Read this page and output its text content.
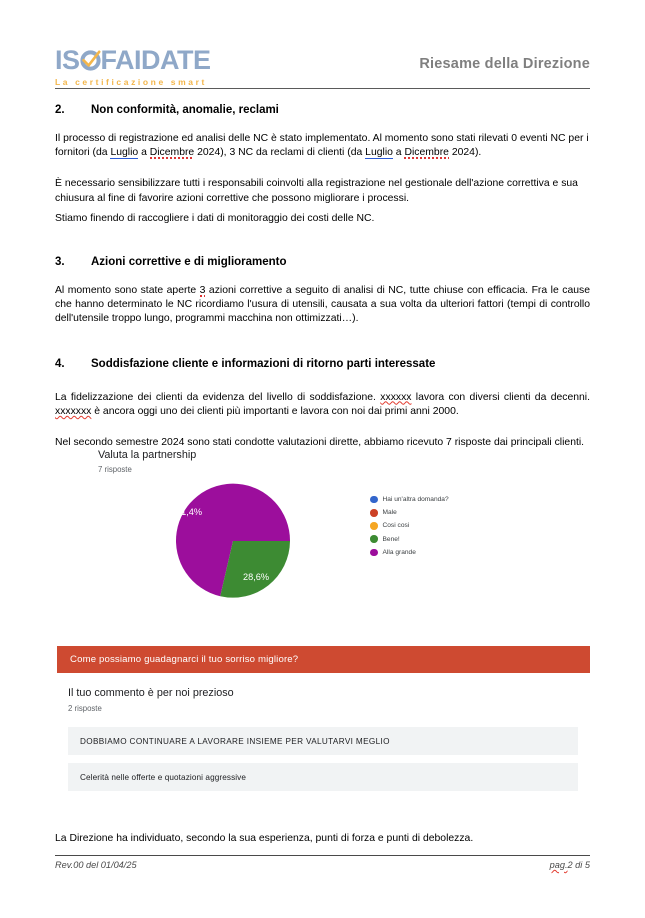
IS FAIDATE
La certificazione smart
Riesame della Direzione
2.	Non conformità, anomalie, reclami

Il processo di registrazione ed analisi delle NC è stato implementato. Al momento sono stati rilevati 0 eventi NC per i fornitori (da Luglio a Dicembre 2024), 3 NC da reclami di clienti (da Luglio a Dicembre 2024).

È necessario sensibilizzare tutti i responsabili coinvolti alla registrazione nel gestionale dell'azione correttiva e sua chiusura al fine di favorire azioni correttive che possono migliorare i processi.

Stiamo finendo di raccogliere i dati di monitoraggio dei costi delle NC.

3.	Azioni correttive e di miglioramento

Al momento sono state aperte 3 azioni correttive a seguito di analisi di NC, tutte chiuse con efficacia. Fra le cause che hanno determinato le NC ricordiamo l'usura di utensili, causata a sua volta da ulteriori fattori (tempi di controllo dell'utensile troppo lungo, programmi macchina non ottimizzati…).

4.	Soddisfazione cliente e informazioni di ritorno parti interessate

La fidelizzazione dei clienti da evidenza del livello di soddisfazione. xxxxxx lavora con diversi clienti da decenni. xxxxxxx è ancora oggi uno dei clienti più importanti e lavora con noi dai primi anni 2000.

Nel secondo semestre 2024 sono stati condotte valutazioni dirette, abbiamo ricevuto 7 risposte dai principali clienti.

Valuta la partnership
7 risposte
71,4%
28,6%
Hai un'altra domanda?
Male
Cosi cosi
Bene!
Alla grande
Come possiamo guadagnarci il tuo sorriso migliore?
Il tuo commento è per noi prezioso
2 risposte
DOBBIAMO CONTINUARE A LAVORARE INSIEME PER VALUTARVI MEGLIO
Celerità nelle offerte e quotazioni aggressive
La Direzione ha individuato, secondo la sua esperienza, punti di forza e punti di debolezza.
Rev.00 del 01/04/25	pag.2 di 5
